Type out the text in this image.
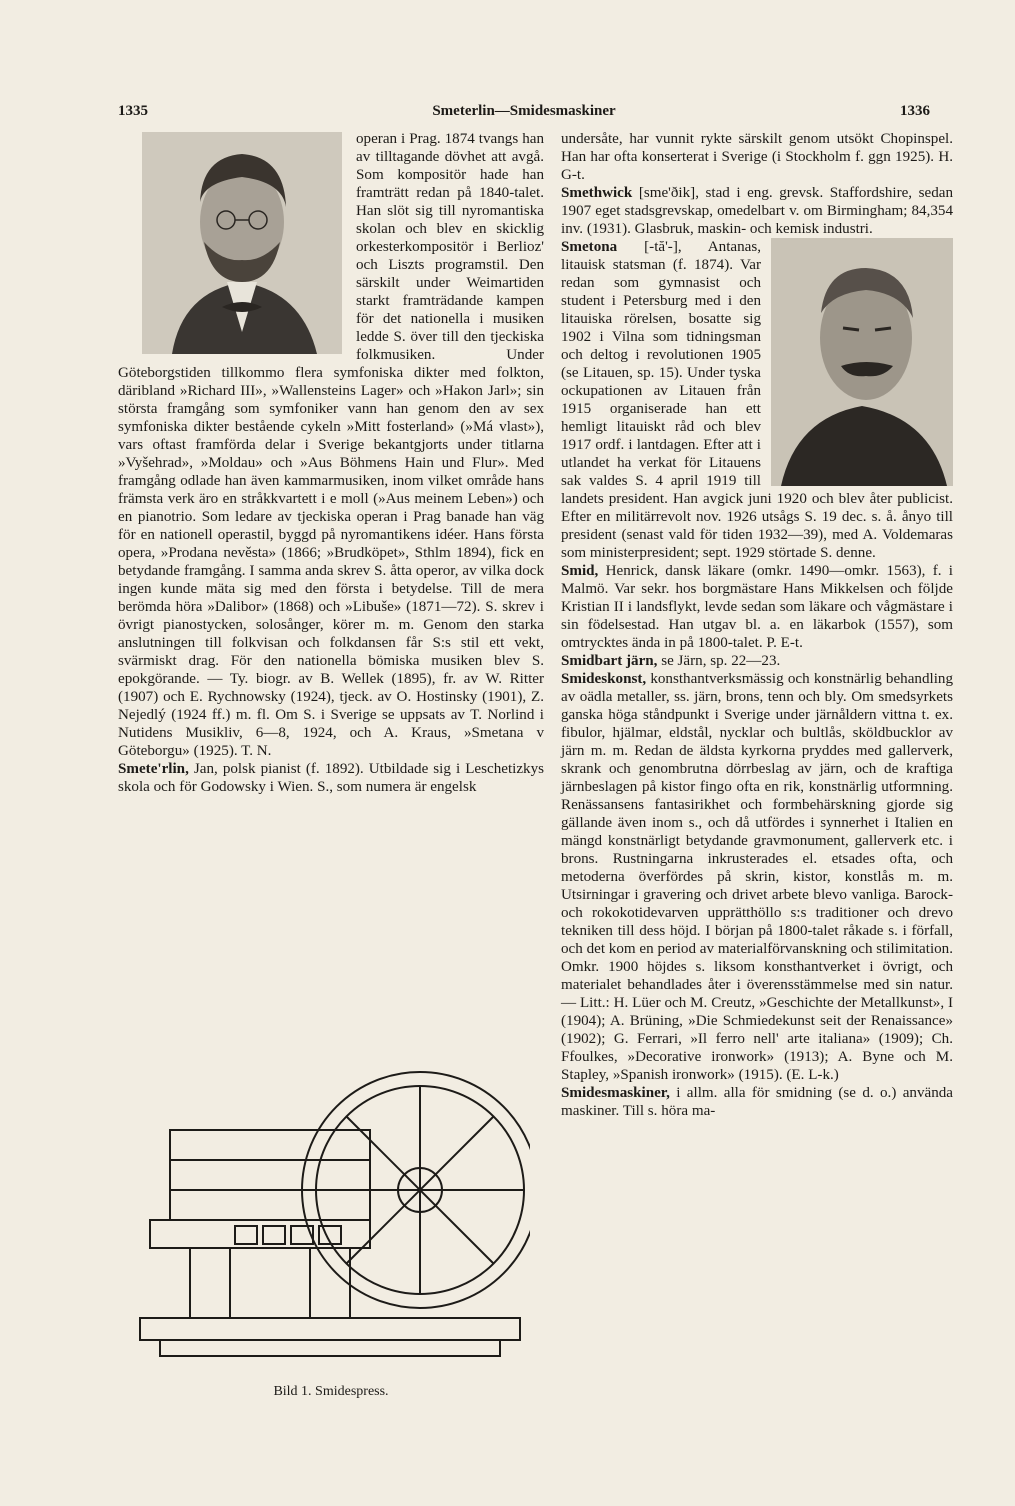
1335	Smeterlin—Smidesmaskiner	1336

operan i Prag. 1874 tvangs han av tilltagande dövhet att avgå. Som kompositör hade han framträtt redan på 1840-talet. Han slöt sig till nyromantiska skolan och blev en skicklig orkesterkompositör i Berlioz' och Liszts programstil. Den särskilt under Weimartiden starkt framträdande kampen för det nationella i musiken ledde S. över till den tjeckiska folkmusiken. Under Göteborgstiden tillkommo flera symfoniska dikter med folkton, däribland »Richard III», »Wallensteins Lager» och »Hakon Jarl»; sin största framgång som symfoniker vann han genom den av sex symfoniska dikter bestående cykeln »Mitt fosterland» (»Má vlast»), vars oftast framförda delar i Sverige bekantgjorts under titlarna »Vyšehrad», »Moldau» och »Aus Böhmens Hain und Flur». Med framgång odlade han även kammarmusiken, inom vilket område hans främsta verk äro en stråkkvartett i e moll (»Aus meinem Leben») och en pianotrio. Som ledare av tjeckiska operan i Prag banade han väg för en nationell operastil, byggd på nyromantikens idéer. Hans första opera, »Prodana nevěsta» (1866; »Brudköpet», Sthlm 1894), fick en betydande framgång. I samma anda skrev S. åtta operor, av vilka dock ingen kunde mäta sig med den första i betydelse. Till de mera berömda höra »Dalibor» (1868) och »Libuše» (1871—72). S. skrev i övrigt pianostycken, solosånger, körer m. m. Genom den starka anslutningen till folkvisan och folkdansen får S:s stil ett vekt, svärmiskt drag. För den nationella bömiska musiken blev S. epokgörande. — Ty. biogr. av B. Wellek (1895), fr. av W. Ritter (1907) och E. Rychnowsky (1924), tjeck. av O. Hostinsky (1901), Z. Nejedlý (1924 ff.) m. fl. Om S. i Sverige se uppsats av T. Norlind i Nutidens Musikliv, 6—8, 1924, och A. Kraus, »Smetana v Göteborgu» (1925). T. N.

Smete'rlin, Jan, polsk pianist (f. 1892). Utbildade sig i Leschetizkys skola och för Godowsky i Wien. S., som numera är engelsk

Bild 1. Smidespress.

undersåte, har vunnit rykte särskilt genom utsökt Chopinspel. Han har ofta konserterat i Sverige (i Stockholm f. ggn 1925). H. G-t.

Smethwick [sme'ðik], stad i eng. grevsk. Staffordshire, sedan 1907 eget stadsgrevskap, omedelbart v. om Birmingham; 84,354 inv. (1931). Glasbruk, maskin- och kemisk industri.

Smetona [-tă'-], Antanas, litauisk statsman (f. 1874). Var redan som gymnasist och student i Petersburg med i den litauiska rörelsen, bosatte sig 1902 i Vilna som tidningsman och deltog i revolutionen 1905 (se Litauen, sp. 15). Under tyska ockupationen av Litauen från 1915 organiserade han ett hemligt litauiskt råd och blev 1917 ordf. i lantdagen. Efter att i utlandet ha verkat för Litauens sak valdes S. 4 april 1919 till landets president. Han avgick juni 1920 och blev åter publicist. Efter en militärrevolt nov. 1926 utsågs S. 19 dec. s. å. ånyo till president (senast vald för tiden 1932—39), med A. Voldemaras som ministerpresident; sept. 1929 störtade S. denne.

Smid, Henrick, dansk läkare (omkr. 1490—omkr. 1563), f. i Malmö. Var sekr. hos borgmästare Hans Mikkelsen och följde Kristian II i landsflykt, levde sedan som läkare och vågmästare i sin födelsestad. Han utgav bl. a. en läkarbok (1557), som omtrycktes ända in på 1800-talet. P. E-t.

Smidbart järn, se Järn, sp. 22—23.

Smideskonst, konsthantverksmässig och konstnärlig behandling av oädla metaller, ss. järn, brons, tenn och bly. Om smedsyrkets ganska höga ståndpunkt i Sverige under järnåldern vittna t. ex. fibulor, hjälmar, eldstål, nycklar och bultlås, sköldbucklor av järn m. m. Redan de äldsta kyrkorna pryddes med gallerverk, skrank och genombrutna dörrbeslag av järn, och de kraftiga järnbeslagen på kistor fingo ofta en rik, konstnärlig utformning. Renässansens fantasirikhet och formbehärskning gjorde sig gällande även inom s., och då utfördes i synnerhet i Italien en mängd konstnärligt betydande gravmonument, gallerverk etc. i brons. Rustningarna inkrusterades el. etsades ofta, och metoderna överfördes på skrin, kistor, konstlås m. m. Utsirningar i gravering och drivet arbete blevo vanliga. Barock- och rokokotidevarven upprätthöllo s:s traditioner och drevo tekniken till dess höjd. I början på 1800-talet råkade s. i förfall, och det kom en period av materialförvanskning och stilimitation. Omkr. 1900 höjdes s. liksom konsthantverket i övrigt, och materialet behandlades åter i överensstämmelse med sin natur. — Litt.: H. Lüer och M. Creutz, »Geschichte der Metallkunst», I (1904); A. Brüning, »Die Schmiedekunst seit der Renaissance» (1902); G. Ferrari, »Il ferro nell' arte italiana» (1909); Ch. Ffoulkes, »Decorative ironwork» (1913); A. Byne och M. Stapley, »Spanish ironwork» (1915). (E. L-k.)

Smidesmaskiner, i allm. alla för smidning (se d. o.) använda maskiner. Till s. höra ma-
